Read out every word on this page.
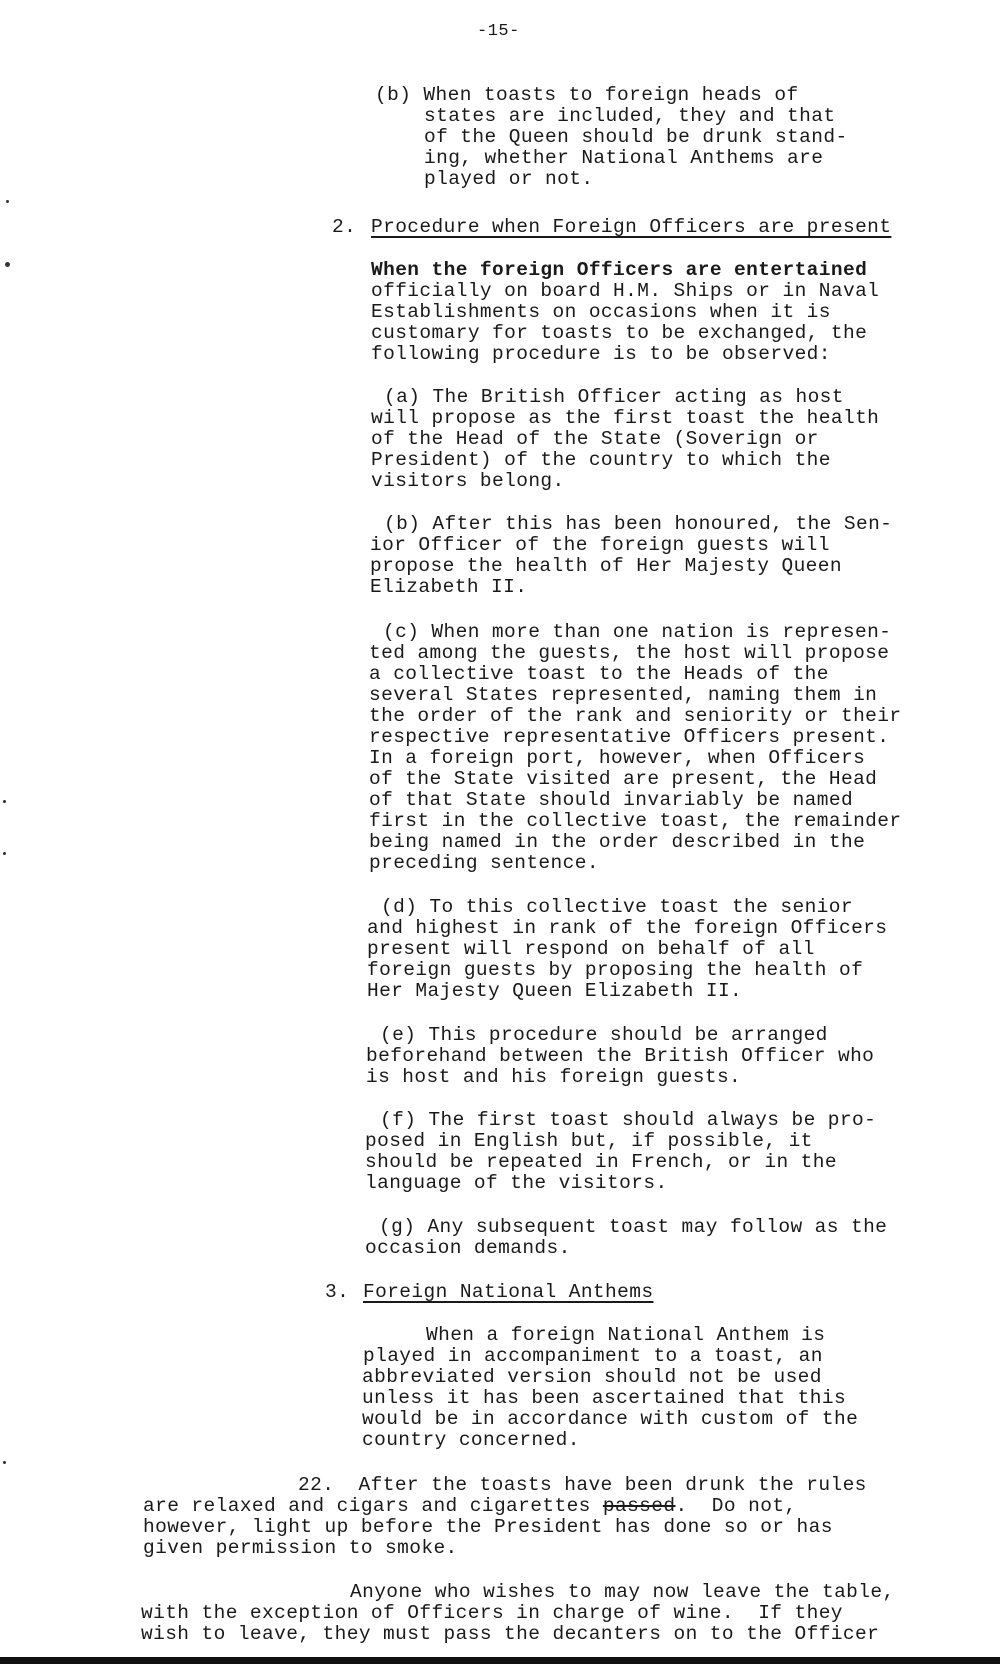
-15-
(b) When toasts to foreign heads of
states are included, they and that
of the Queen should be drunk stand-
ing, whether National Anthems are
played or not.
2. Procedure when Foreign Officers are present
When the foreign Officers are entertained
officially on board H.M. Ships or in Naval
Establishments on occasions when it is
customary for toasts to be exchanged, the
following procedure is to be observed:
(a) The British Officer acting as host
will propose as the first toast the health
of the Head of the State (Soverign or
President) of the country to which the
visitors belong.
(b) After this has been honoured, the Sen-
ior Officer of the foreign guests will
propose the health of Her Majesty Queen
Elizabeth II.
(c) When more than one nation is represen-
ted among the guests, the host will propose
a collective toast to the Heads of the
several States represented, naming them in
the order of the rank and seniority or their
respective representative Officers present.
In a foreign port, however, when Officers
of the State visited are present, the Head
of that State should invariably be named
first in the collective toast, the remainder
being named in the order described in the
preceding sentence.
(d) To this collective toast the senior
and highest in rank of the foreign Officers
present will respond on behalf of all
foreign guests by proposing the health of
Her Majesty Queen Elizabeth II.
(e) This procedure should be arranged
beforehand between the British Officer who
is host and his foreign guests.
(f) The first toast should always be pro-
posed in English but, if possible, it
should be repeated in French, or in the
language of the visitors.
(g) Any subsequent toast may follow as the
occasion demands.
3. Foreign National Anthems
When a foreign National Anthem is
played in accompaniment to a toast, an
abbreviated version should not be used
unless it has been ascertained that this
would be in accordance with custom of the
country concerned.
22.  After the toasts have been drunk the rules
are relaxed and cigars and cigarettes passed.  Do not,
however, light up before the President has done so or has
given permission to smoke.
Anyone who wishes to may now leave the table,
with the exception of Officers in charge of wine.  If they
wish to leave, they must pass the decanters on to the Officer
